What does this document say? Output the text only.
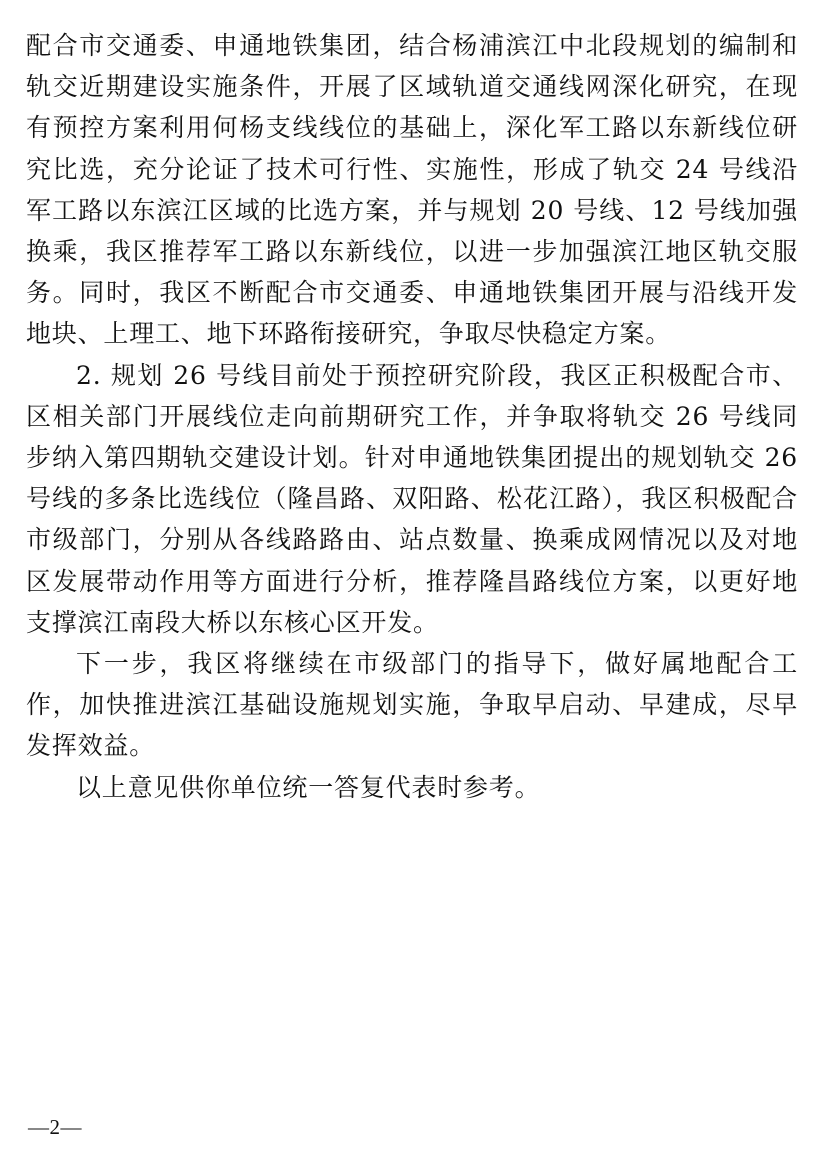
配合市交通委、申通地铁集团，结合杨浦滨江中北段规划的编制和轨交近期建设实施条件，开展了区域轨道交通线网深化研究，在现有预控方案利用何杨支线线位的基础上，深化军工路以东新线位研究比选，充分论证了技术可行性、实施性，形成了轨交 24 号线沿军工路以东滨江区域的比选方案，并与规划 20 号线、12 号线加强换乘，我区推荐军工路以东新线位，以进一步加强滨江地区轨交服务。同时，我区不断配合市交通委、申通地铁集团开展与沿线开发地块、上理工、地下环路衔接研究，争取尽快稳定方案。

2. 规划 26 号线目前处于预控研究阶段，我区正积极配合市、区相关部门开展线位走向前期研究工作，并争取将轨交 26 号线同步纳入第四期轨交建设计划。针对申通地铁集团提出的规划轨交 26 号线的多条比选线位（隆昌路、双阳路、松花江路），我区积极配合市级部门，分别从各线路路由、站点数量、换乘成网情况以及对地区发展带动作用等方面进行分析，推荐隆昌路线位方案，以更好地支撑滨江南段大桥以东核心区开发。

下一步，我区将继续在市级部门的指导下，做好属地配合工作，加快推进滨江基础设施规划实施，争取早启动、早建成，尽早发挥效益。

以上意见供你单位统一答复代表时参考。

—2—
